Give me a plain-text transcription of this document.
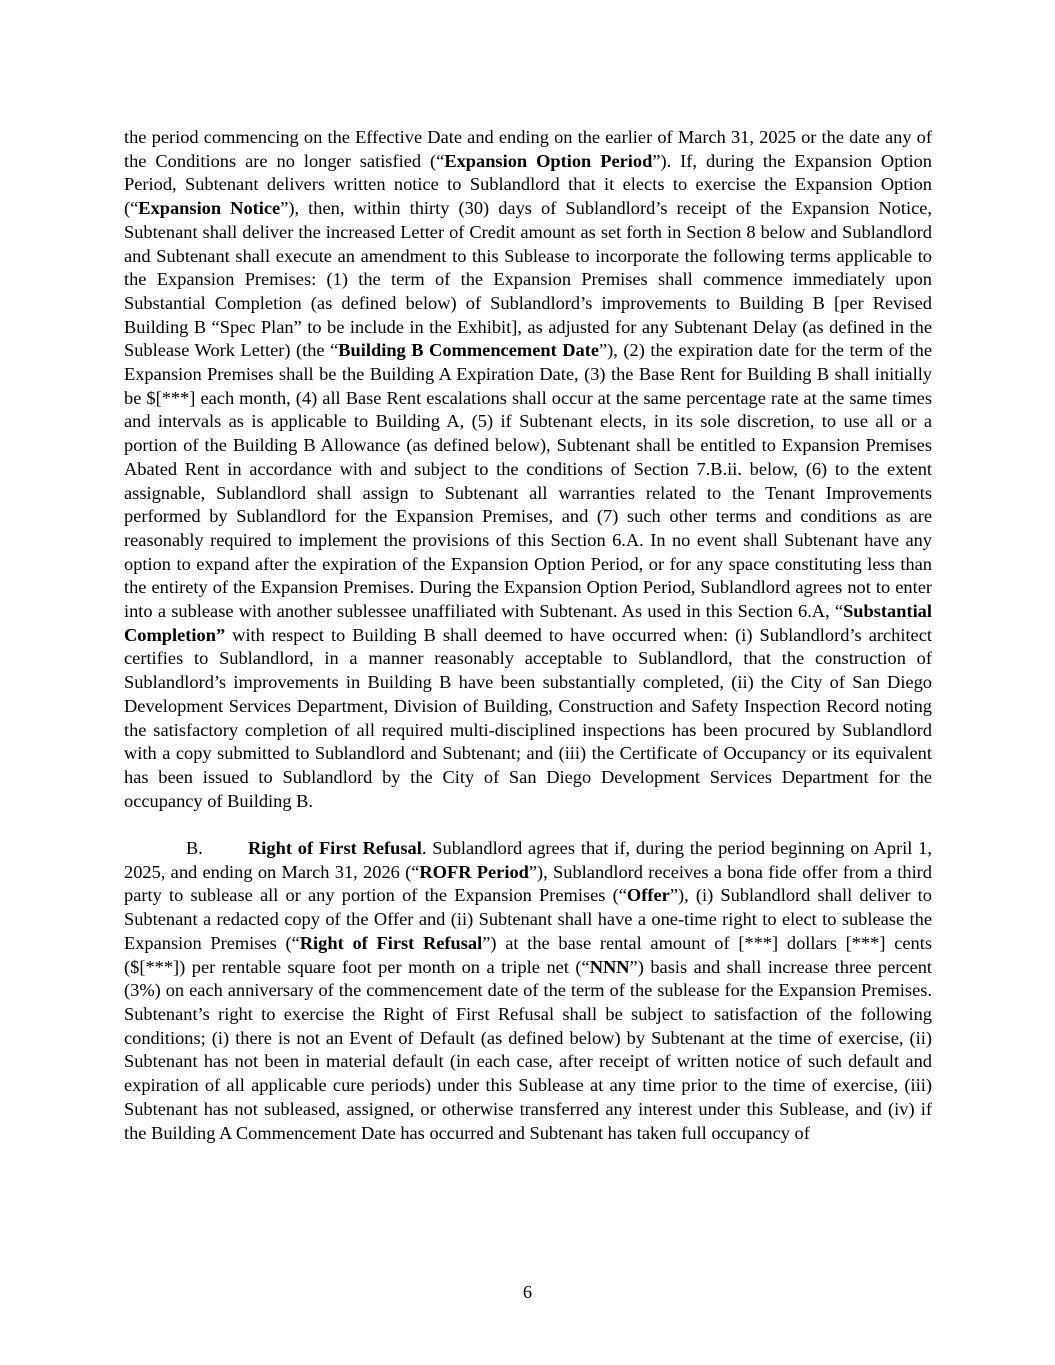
the period commencing on the Effective Date and ending on the earlier of March 31, 2025 or the date any of the Conditions are no longer satisfied (“Expansion Option Period”). If, during the Expansion Option Period, Subtenant delivers written notice to Sublandlord that it elects to exercise the Expansion Option (“Expansion Notice”), then, within thirty (30) days of Sublandlord’s receipt of the Expansion Notice, Subtenant shall deliver the increased Letter of Credit amount as set forth in Section 8 below and Sublandlord and Subtenant shall execute an amendment to this Sublease to incorporate the following terms applicable to the Expansion Premises: (1) the term of the Expansion Premises shall commence immediately upon Substantial Completion (as defined below) of Sublandlord’s improvements to Building B [per Revised Building B “Spec Plan” to be include in the Exhibit], as adjusted for any Subtenant Delay (as defined in the Sublease Work Letter) (the “Building B Commencement Date”), (2) the expiration date for the term of the Expansion Premises shall be the Building A Expiration Date, (3) the Base Rent for Building B shall initially be $[***] each month, (4) all Base Rent escalations shall occur at the same percentage rate at the same times and intervals as is applicable to Building A, (5) if Subtenant elects, in its sole discretion, to use all or a portion of the Building B Allowance (as defined below), Subtenant shall be entitled to Expansion Premises Abated Rent in accordance with and subject to the conditions of Section 7.B.ii. below, (6) to the extent assignable, Sublandlord shall assign to Subtenant all warranties related to the Tenant Improvements performed by Sublandlord for the Expansion Premises, and (7) such other terms and conditions as are reasonably required to implement the provisions of this Section 6.A. In no event shall Subtenant have any option to expand after the expiration of the Expansion Option Period, or for any space constituting less than the entirety of the Expansion Premises. During the Expansion Option Period, Sublandlord agrees not to enter into a sublease with another sublessee unaffiliated with Subtenant. As used in this Section 6.A, “Substantial Completion” with respect to Building B shall deemed to have occurred when: (i) Sublandlord’s architect certifies to Sublandlord, in a manner reasonably acceptable to Sublandlord, that the construction of Sublandlord’s improvements in Building B have been substantially completed, (ii) the City of San Diego Development Services Department, Division of Building, Construction and Safety Inspection Record noting the satisfactory completion of all required multi-disciplined inspections has been procured by Sublandlord with a copy submitted to Sublandlord and Subtenant; and (iii) the Certificate of Occupancy or its equivalent has been issued to Sublandlord by the City of San Diego Development Services Department for the occupancy of Building B.

B. Right of First Refusal. Sublandlord agrees that if, during the period beginning on April 1, 2025, and ending on March 31, 2026 (“ROFR Period”), Sublandlord receives a bona fide offer from a third party to sublease all or any portion of the Expansion Premises (“Offer”), (i) Sublandlord shall deliver to Subtenant a redacted copy of the Offer and (ii) Subtenant shall have a one-time right to elect to sublease the Expansion Premises (“Right of First Refusal”) at the base rental amount of [***] dollars [***] cents ($[***]) per rentable square foot per month on a triple net (“NNN”) basis and shall increase three percent (3%) on each anniversary of the commencement date of the term of the sublease for the Expansion Premises. Subtenant’s right to exercise the Right of First Refusal shall be subject to satisfaction of the following conditions; (i) there is not an Event of Default (as defined below) by Subtenant at the time of exercise, (ii) Subtenant has not been in material default (in each case, after receipt of written notice of such default and expiration of all applicable cure periods) under this Sublease at any time prior to the time of exercise, (iii) Subtenant has not subleased, assigned, or otherwise transferred any interest under this Sublease, and (iv) if the Building A Commencement Date has occurred and Subtenant has taken full occupancy of

6
